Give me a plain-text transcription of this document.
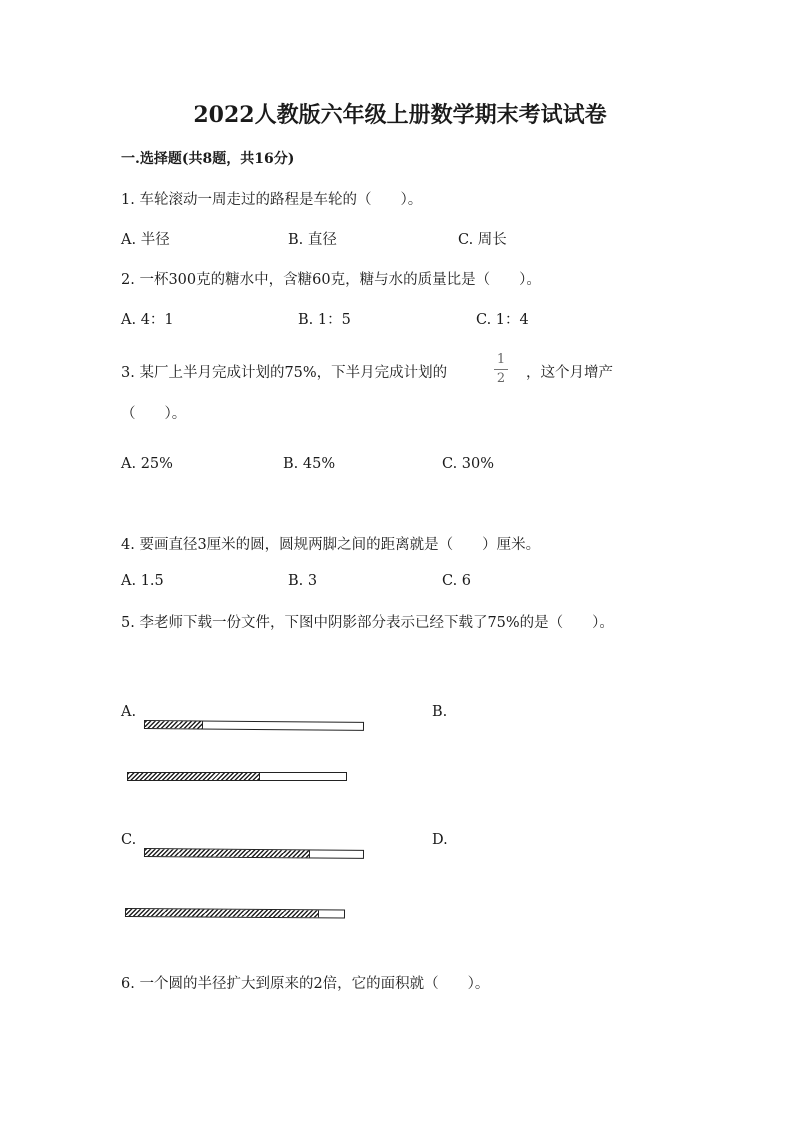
2022人教版六年级上册数学期末考试试卷
一.选择题(共8题，共16分)
1. 车轮滚动一周走过的路程是车轮的（　　）。
A. 半径	B. 直径	C. 周长
2. 一杯300克的糖水中，含糖60克，糖与水的质量比是（　　）。
A. 4：1	B. 1：5	C. 1：4
3. 某厂上半月完成计划的75%，下半月完成计划的
1
2 ，这个月增产
（　　）。
A. 25%	B. 45%	C. 30%
4. 要画直径3厘米的圆，圆规两脚之间的距离就是（　　）厘米。
A. 1.5	B. 3	C. 6
5. 李老师下载一份文件，下图中阴影部分表示已经下载了75%的是（　　）。
A.	B.
C.	D.
6. 一个圆的半径扩大到原来的2倍，它的面积就（　　）。
